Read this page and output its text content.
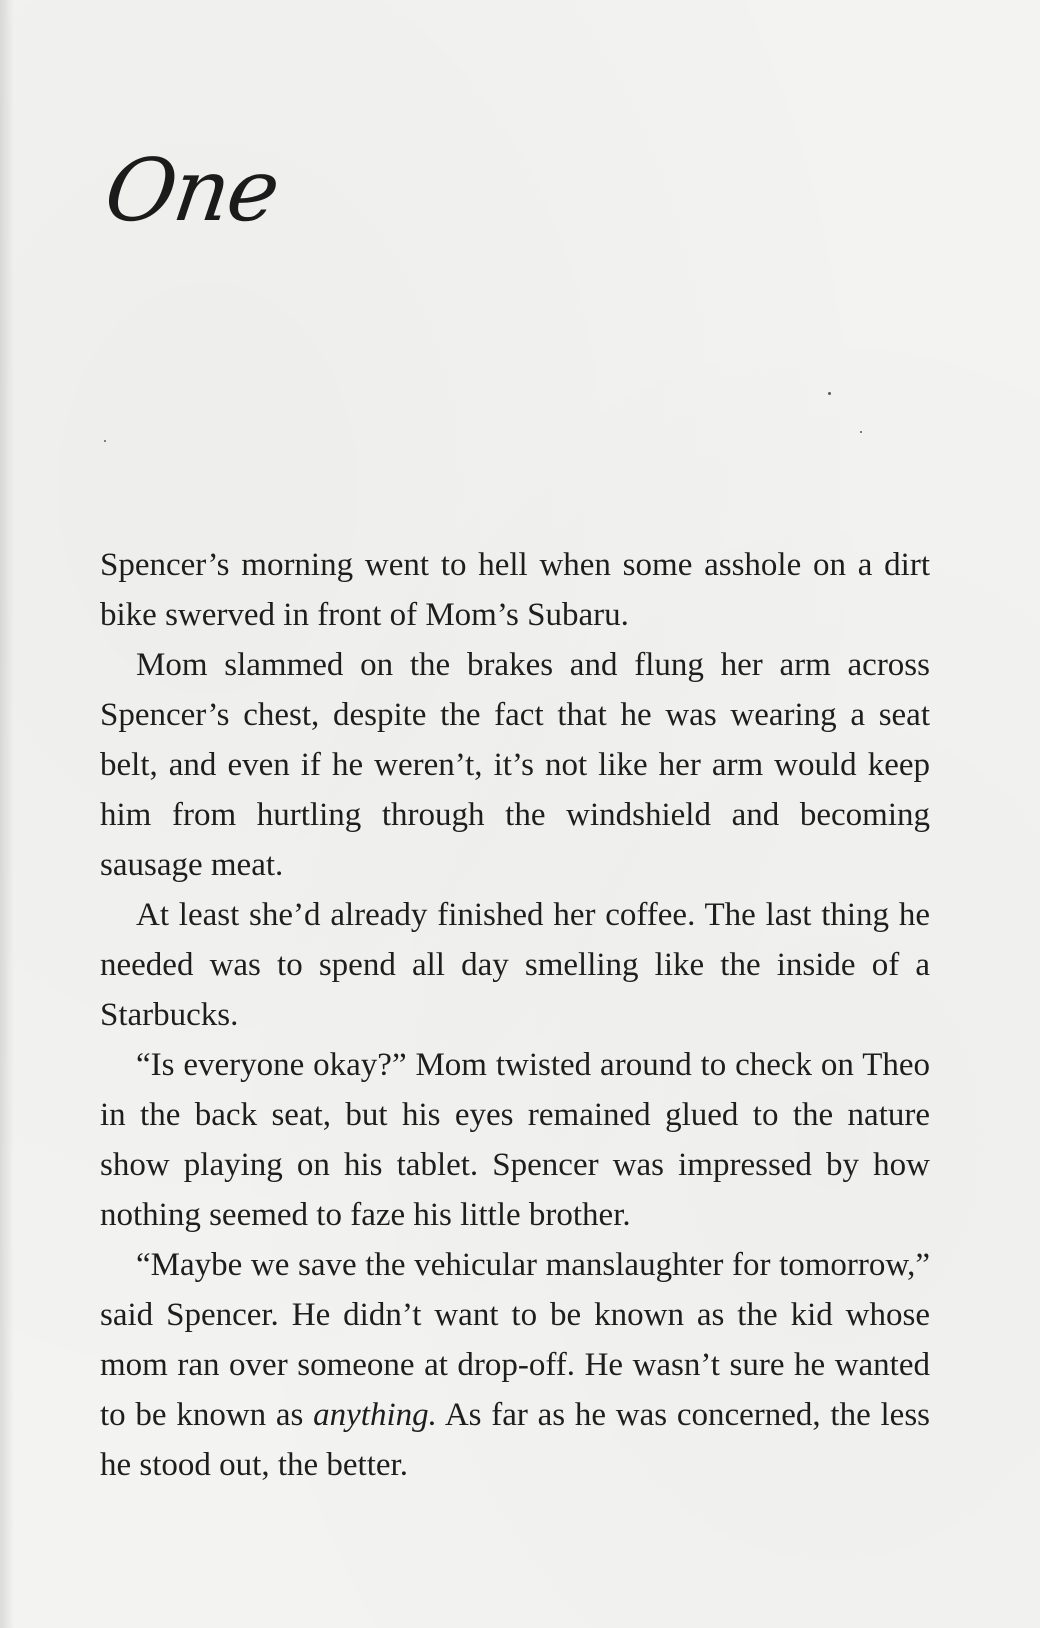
One

Spencer’s morning went to hell when some asshole on a dirt bike swerved in front of Mom’s Subaru.

Mom slammed on the brakes and flung her arm across Spencer’s chest, despite the fact that he was wearing a seat belt, and even if he weren’t, it’s not like her arm would keep him from hurtling through the windshield and becoming sausage meat.

At least she’d already finished her coffee. The last thing he needed was to spend all day smelling like the inside of a Starbucks.

“Is everyone okay?” Mom twisted around to check on Theo in the back seat, but his eyes remained glued to the nature show playing on his tablet. Spencer was impressed by how nothing seemed to faze his little brother.

“Maybe we save the vehicular manslaughter for tomorrow,” said Spencer. He didn’t want to be known as the kid whose mom ran over someone at drop-off. He wasn’t sure he wanted to be known as anything. As far as he was concerned, the less he stood out, the better.
